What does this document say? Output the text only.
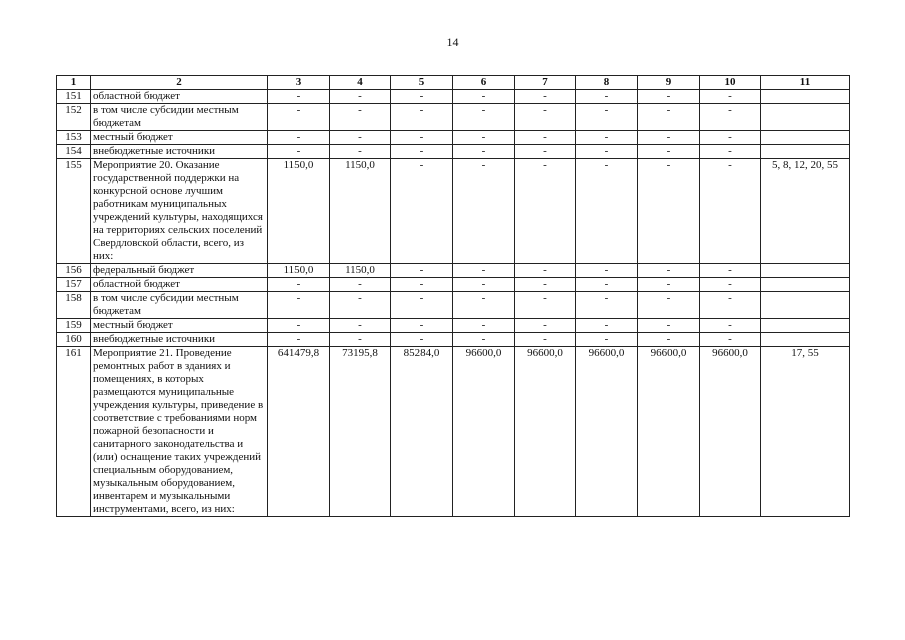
14
1	2	3	4	5	6	7	8	9	10	11
151	областной бюджет	-	-	-	-	-	-	-	-	
152	в том числе субсидии местным бюджетам	-	-	-	-	-	-	-	-	
153	местный бюджет	-	-	-	-	-	-	-	-	
154	внебюджетные источники	-	-	-	-	-	-	-	-	
155	Мероприятие 20. Оказание государственной поддержки на конкурсной основе лучшим работникам муниципальных учреждений культуры, находящихся на территориях сельских поселений Свердловской области, всего, из них:	1150,0	1150,0	-	-	-	-	-	-	5, 8, 12, 20, 55
156	федеральный бюджет	1150,0	1150,0	-	-	-	-	-	-	
157	областной бюджет	-	-	-	-	-	-	-	-	
158	в том числе субсидии местным бюджетам	-	-	-	-	-	-	-	-	
159	местный бюджет	-	-	-	-	-	-	-	-	
160	внебюджетные источники	-	-	-	-	-	-	-	-	
161	Мероприятие 21. Проведение ремонтных работ в зданиях и помещениях, в которых размещаются муниципальные учреждения культуры, приведение в соответствие с требованиями норм пожарной безопасности и санитарного законодательства и (или) оснащение таких учреждений специальным оборудованием, музыкальным оборудованием, инвентарем и музыкальными инструментами, всего, из них:	641479,8	73195,8	85284,0	96600,0	96600,0	96600,0	96600,0	96600,0	17, 55
